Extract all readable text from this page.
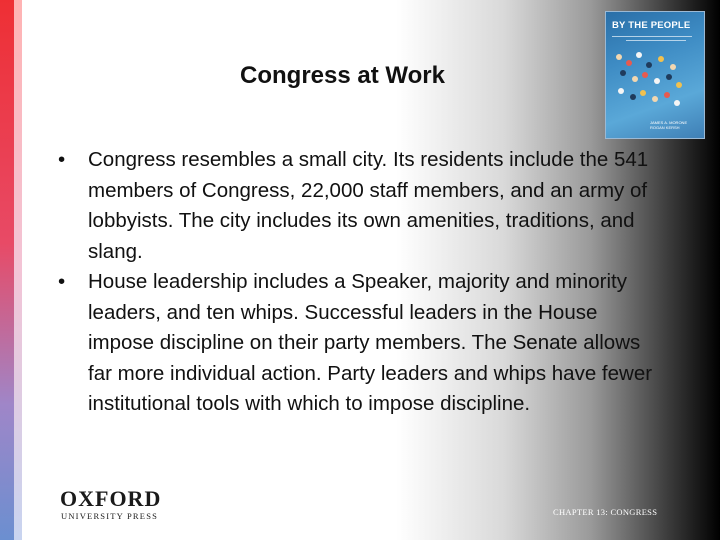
Congress at Work
• Congress resembles a small city. Its residents include the 541 members of Congress, 22,000 staff members, and an army of lobbyists. The city includes its own amenities, traditions, and slang.
• House leadership includes a Speaker, majority and minority leaders, and ten whips. Successful leaders in the House impose discipline on their party members. The Senate allows far more individual action. Party leaders and whips have fewer institutional tools with which to impose discipline.
BY THE PEOPLE
JAMES A. MORONE
ROGAN KERSH
OXFORD
UNIVERSITY PRESS	CHAPTER 13: CONGRESS
